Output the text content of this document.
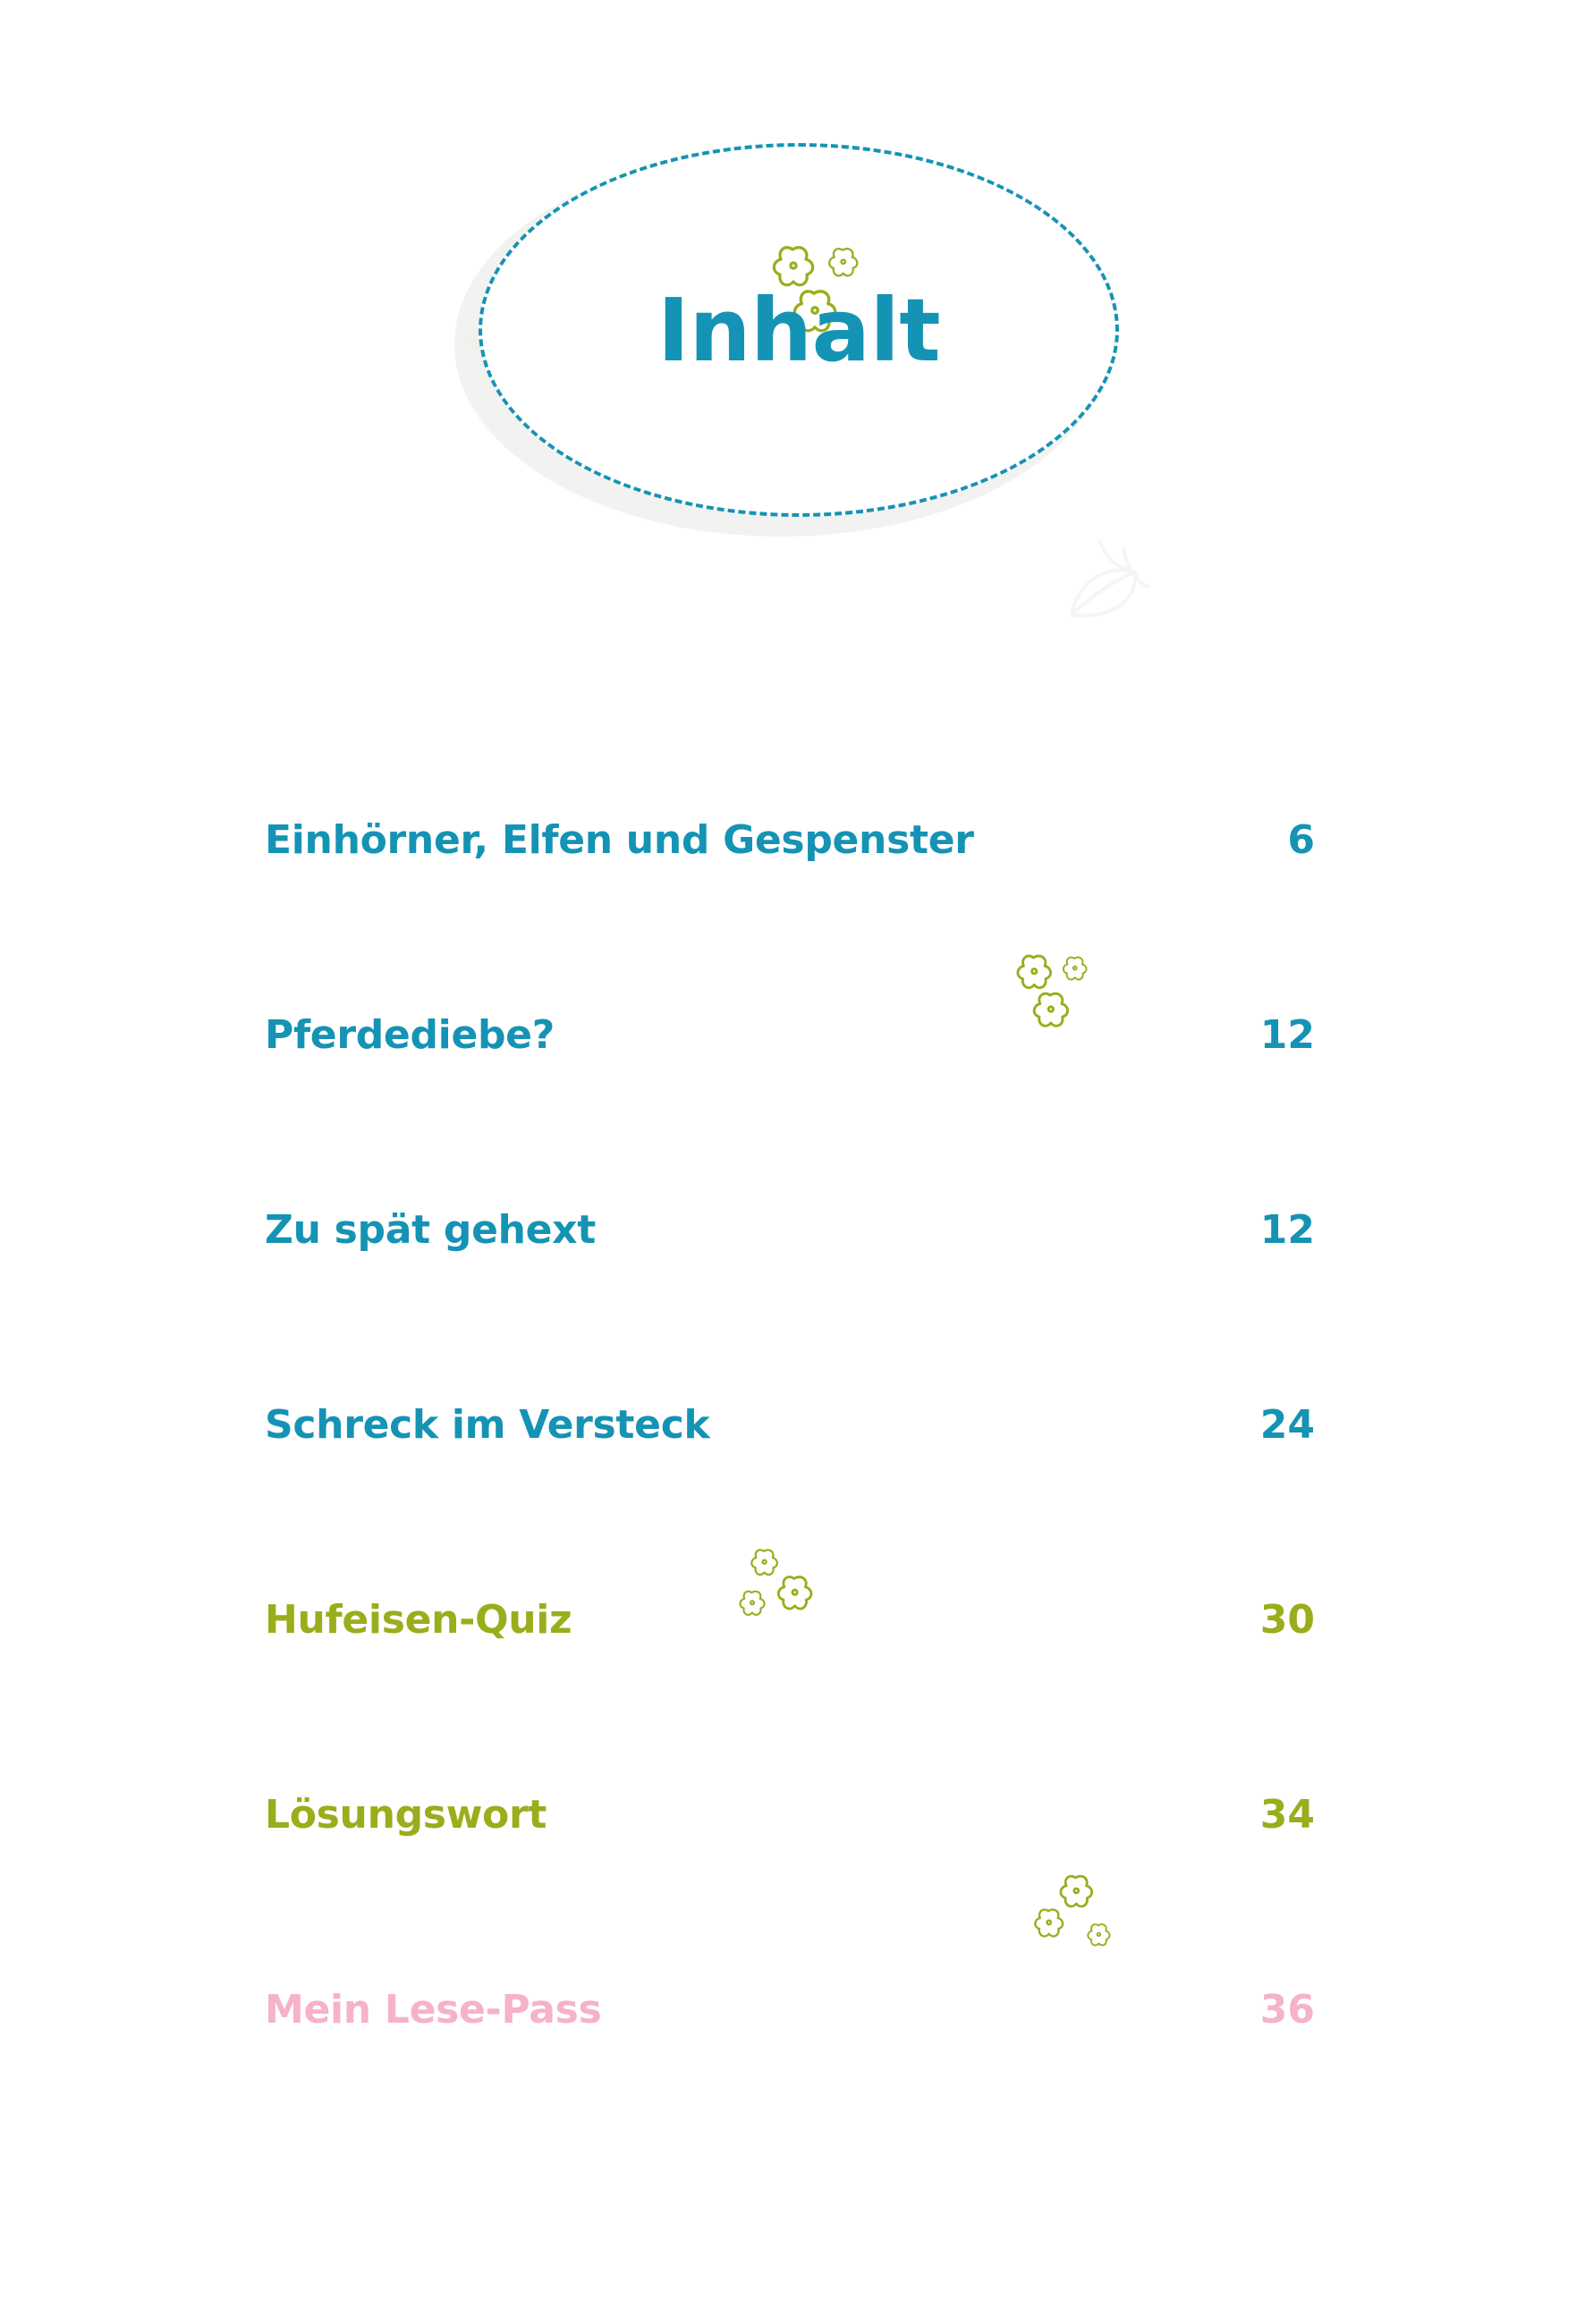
Inhalt
Einhörner, Elfen und Gespenster	6
Pferdediebe?	12
Zu spät gehext	12
Schreck im Versteck	24
Hufeisen-Quiz	30
Lösungswort	34
Mein Lese-Pass	36
